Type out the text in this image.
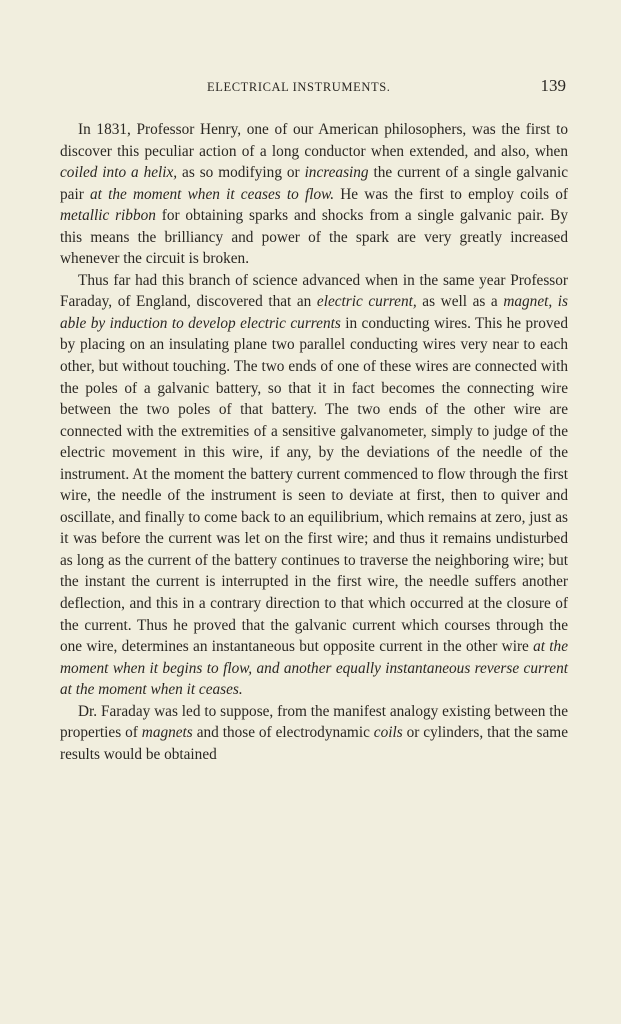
ELECTRICAL INSTRUMENTS.	139

In 1831, Professor Henry, one of our American philosophers, was the first to discover this peculiar action of a long conductor when extended, and also, when coiled into a helix, as so modifying or increasing the current of a single galvanic pair at the moment when it ceases to flow. He was the first to employ coils of metallic ribbon for obtaining sparks and shocks from a single galvanic pair. By this means the brilliancy and power of the spark are very greatly increased whenever the circuit is broken.

Thus far had this branch of science advanced when in the same year Professor Faraday, of England, discovered that an electric current, as well as a magnet, is able by induction to develop electric currents in conducting wires. This he proved by placing on an insulating plane two parallel conducting wires very near to each other, but without touching. The two ends of one of these wires are connected with the poles of a galvanic battery, so that it in fact becomes the connecting wire between the two poles of that battery. The two ends of the other wire are connected with the extremities of a sensitive galvanometer, simply to judge of the electric movement in this wire, if any, by the deviations of the needle of the instrument. At the moment the battery current commenced to flow through the first wire, the needle of the instrument is seen to deviate at first, then to quiver and oscillate, and finally to come back to an equilibrium, which remains at zero, just as it was before the current was let on the first wire; and thus it remains undisturbed as long as the current of the battery continues to traverse the neighboring wire; but the instant the current is interrupted in the first wire, the needle suffers another deflection, and this in a contrary direction to that which occurred at the closure of the current. Thus he proved that the galvanic current which courses through the one wire, determines an instantaneous but opposite current in the other wire at the moment when it begins to flow, and another equally instantaneous reverse current at the moment when it ceases.

Dr. Faraday was led to suppose, from the manifest analogy existing between the properties of magnets and those of electrodynamic coils or cylinders, that the same results would be obtained
